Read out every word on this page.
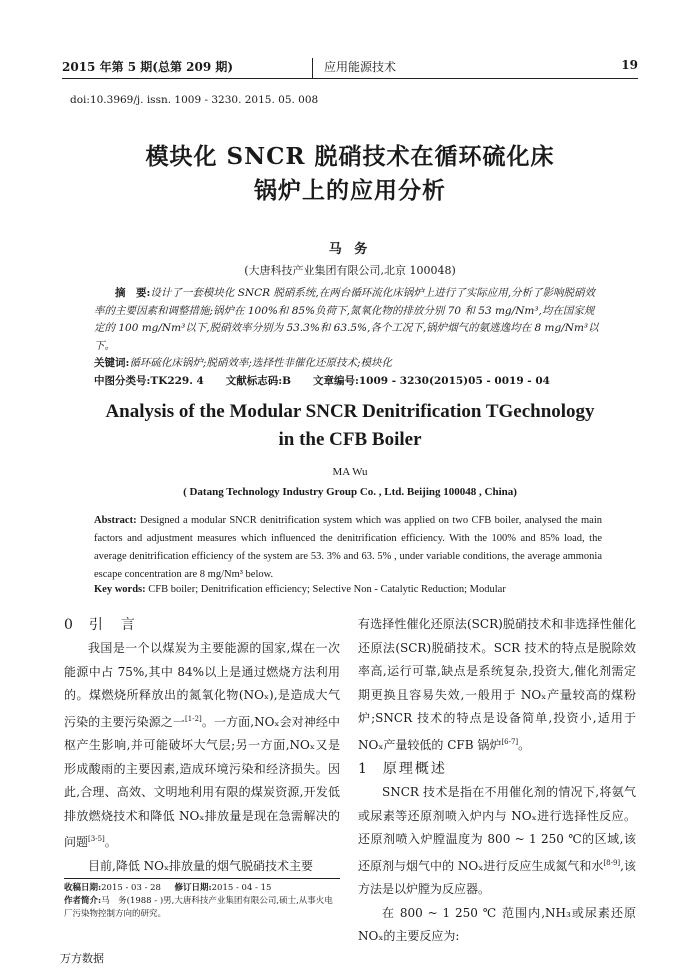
2015 年第 5 期(总第 209 期)	应用能源技术	19
doi:10.3969/j. issn. 1009 - 3230. 2015. 05. 008
模块化 SNCR 脱硝技术在循环硫化床
锅炉上的应用分析
马 务
(大唐科技产业集团有限公司,北京 100048)
摘　要:设计了一套模块化 SNCR 脱硝系统,在两台循环流化床锅炉上进行了实际应用,分析了影响脱硝效率的主要因素和调整措施;锅炉在 100%和 85%负荷下,氮氧化物的排放分别 70 和 53 mg/Nm³,均在国家规定的 100 mg/Nm³以下,脱硝效率分别为 53.3%和 63.5%,各个工况下,锅炉烟气的氨逃逸均在 8 mg/Nm³以下。
关键词:循环硫化床锅炉;脱硝效率;选择性非催化还原技术;模块化
中图分类号:TK229. 4 文献标志码:B 文章编号:1009 - 3230(2015)05 - 0019 - 04
Analysis of the Modular SNCR Denitrification TGechnology
in the CFB Boiler
MA Wu
( Datang Technology Industry Group Co. , Ltd. Beijing 100048 , China)
Abstract: Designed a modular SNCR denitrification system which was applied on two CFB boiler, analysed the main factors and adjustment measures which influenced the denitrification efficiency. With the 100% and 85% load, the average denitrification efficiency of the system are 53. 3% and 63. 5% , under variable conditions, the average ammonia escape concentration are 8 mg/Nm³ below.
Key words: CFB boiler; Denitrification efficiency; Selective Non - Catalytic Reduction; Modular
0 引　言
我国是一个以煤炭为主要能源的国家,煤在一次能源中占 75%,其中 84%以上是通过燃烧方法利用的。煤燃烧所释放出的氮氧化物(NOₓ),是造成大气污染的主要污染源之一[1-2]。一方面,NOₓ会对神经中枢产生影响,并可能破坏大气层;另一方面,NOₓ又是形成酸雨的主要因素,造成环境污染和经济损失。因此,合理、高效、文明地利用有限的煤炭资源,开发低排放燃烧技术和降低 NOₓ排放量是现在急需解决的问题[3-5]。
目前,降低 NOₓ排放量的烟气脱硝技术主要
收稿日期:2015 - 03 - 28 修订日期:2015 - 04 - 15
作者简介:马　务(1988 - )男,大唐科技产业集团有限公司,硕士,从事火电厂污染物控制方向的研究。
有选择性催化还原法(SCR)脱硝技术和非选择性催化还原法(SCR)脱硝技术。SCR 技术的特点是脱除效率高,运行可靠,缺点是系统复杂,投资大,催化剂需定期更换且容易失效,一般用于 NOₓ产量较高的煤粉炉;SNCR 技术的特点是设备简单,投资小,适用于 NOₓ产量较低的 CFB 锅炉[6-7]。
1 原理概述
SNCR 技术是指在不用催化剂的情况下,将氨气或尿素等还原剂喷入炉内与 NOₓ进行选择性反应。还原剂喷入炉膛温度为 800 ~ 1 250 ℃的区域,该还原剂与烟气中的 NOₓ进行反应生成氮气和水[8-9],该方法是以炉膛为反应器。
在 800 ~ 1 250 ℃ 范围内,NH₃或尿素还原 NOₓ的主要反应为:
万方数据
